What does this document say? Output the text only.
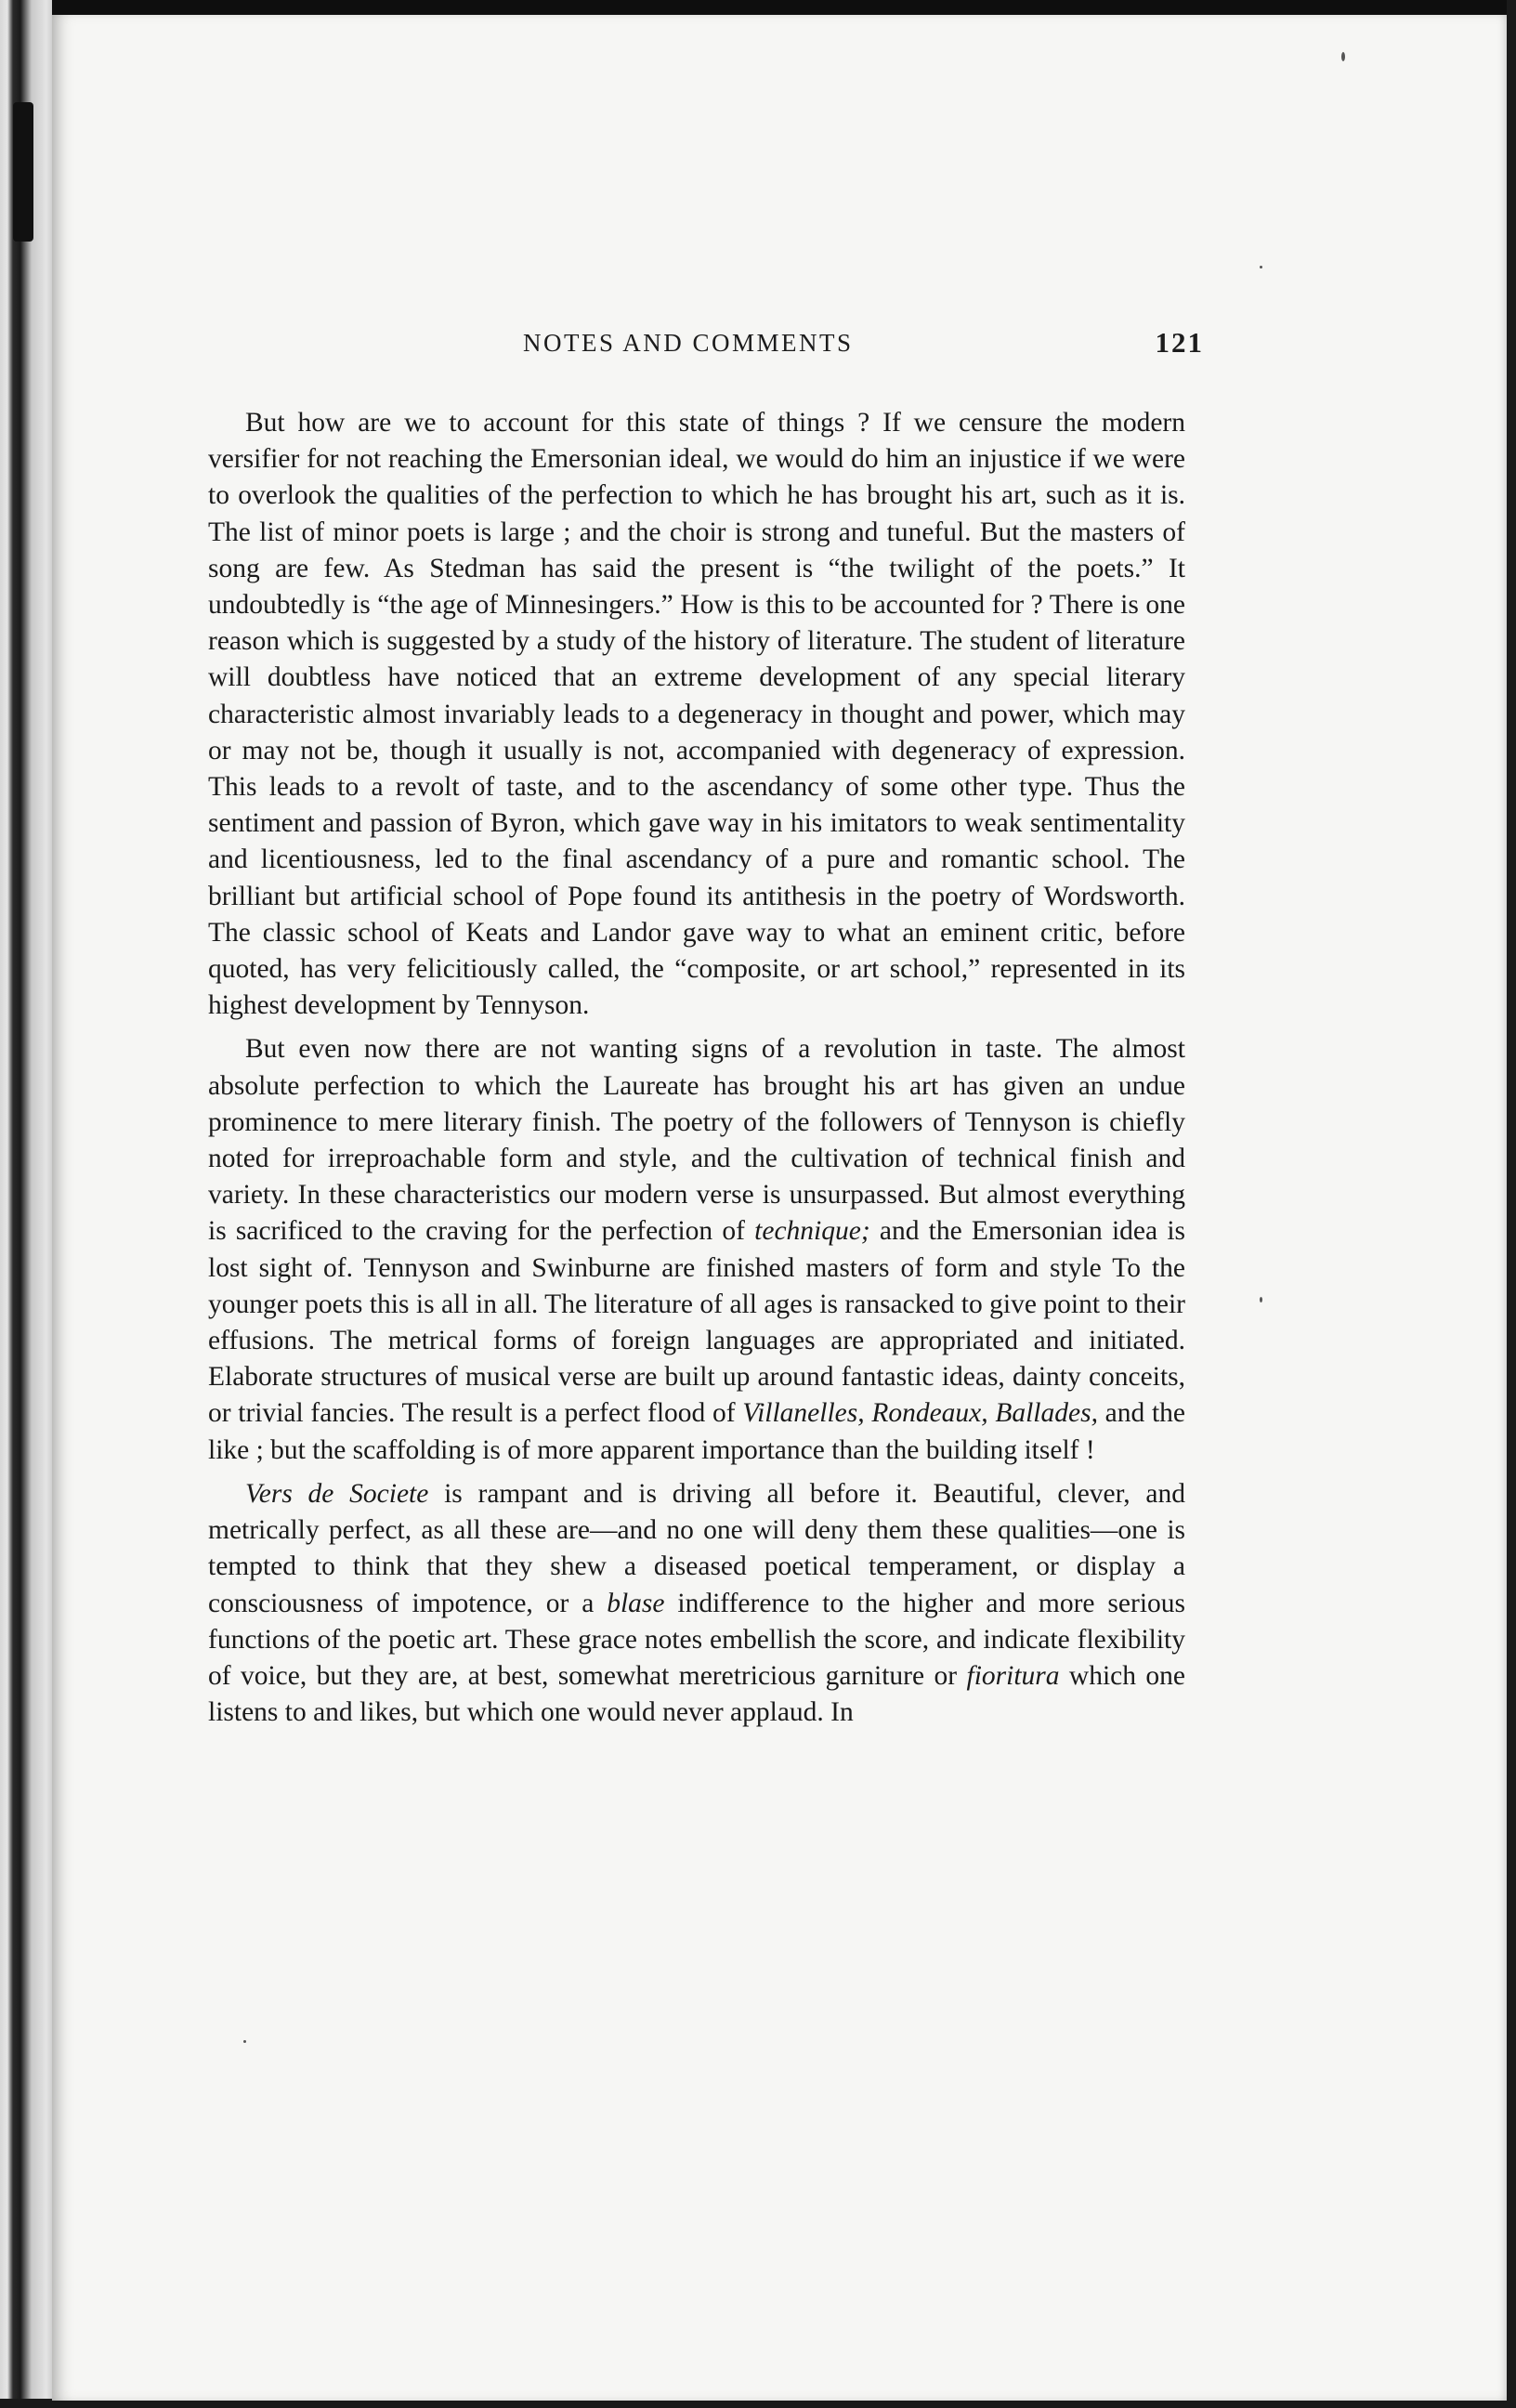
NOTES AND COMMENTS	121

But how are we to account for this state of things ? If we censure the modern versifier for not reaching the Emersonian ideal, we would do him an injustice if we were to overlook the qualities of the perfection to which he has brought his art, such as it is. The list of minor poets is large ; and the choir is strong and tuneful. But the masters of song are few. As Stedman has said the present is “the twilight of the poets.” It undoubtedly is “the age of Minnesingers.” How is this to be accounted for ? There is one reason which is suggested by a study of the history of literature. The student of literature will doubtless have noticed that an extreme development of any special literary characteristic almost invariably leads to a degeneracy in thought and power, which may or may not be, though it usually is not, accompanied with degeneracy of expression. This leads to a revolt of taste, and to the ascendancy of some other type. Thus the sentiment and passion of Byron, which gave way in his imitators to weak sentimentality and licentiousness, led to the final ascendancy of a pure and romantic school. The brilliant but artificial school of Pope found its antithesis in the poetry of Wordsworth. The classic school of Keats and Landor gave way to what an eminent critic, before quoted, has very felicitiously called, the “composite, or art school,” represented in its highest development by Tennyson.

But even now there are not wanting signs of a revolution in taste. The almost absolute perfection to which the Laureate has brought his art has given an undue prominence to mere literary finish. The poetry of the followers of Tennyson is chiefly noted for irreproachable form and style, and the cultivation of technical finish and variety. In these characteristics our modern verse is unsurpassed. But almost everything is sacrificed to the craving for the perfection of technique; and the Emersonian idea is lost sight of. Tennyson and Swinburne are finished masters of form and style To the younger poets this is all in all. The literature of all ages is ransacked to give point to their effusions. The metrical forms of foreign languages are appropriated and initiated. Elaborate structures of musical verse are built up around fantastic ideas, dainty conceits, or trivial fancies. The result is a perfect flood of Villanelles, Rondeaux, Ballades, and the like ; but the scaffolding is of more apparent importance than the building itself !

Vers de Societe is rampant and is driving all before it. Beautiful, clever, and metrically perfect, as all these are—and no one will deny them these qualities—one is tempted to think that they shew a diseased poetical temperament, or display a consciousness of impotence, or a blase indifference to the higher and more serious functions of the poetic art. These grace notes embellish the score, and indicate flexibility of voice, but they are, at best, somewhat meretricious garniture or fioritura which one listens to and likes, but which one would never applaud. In
